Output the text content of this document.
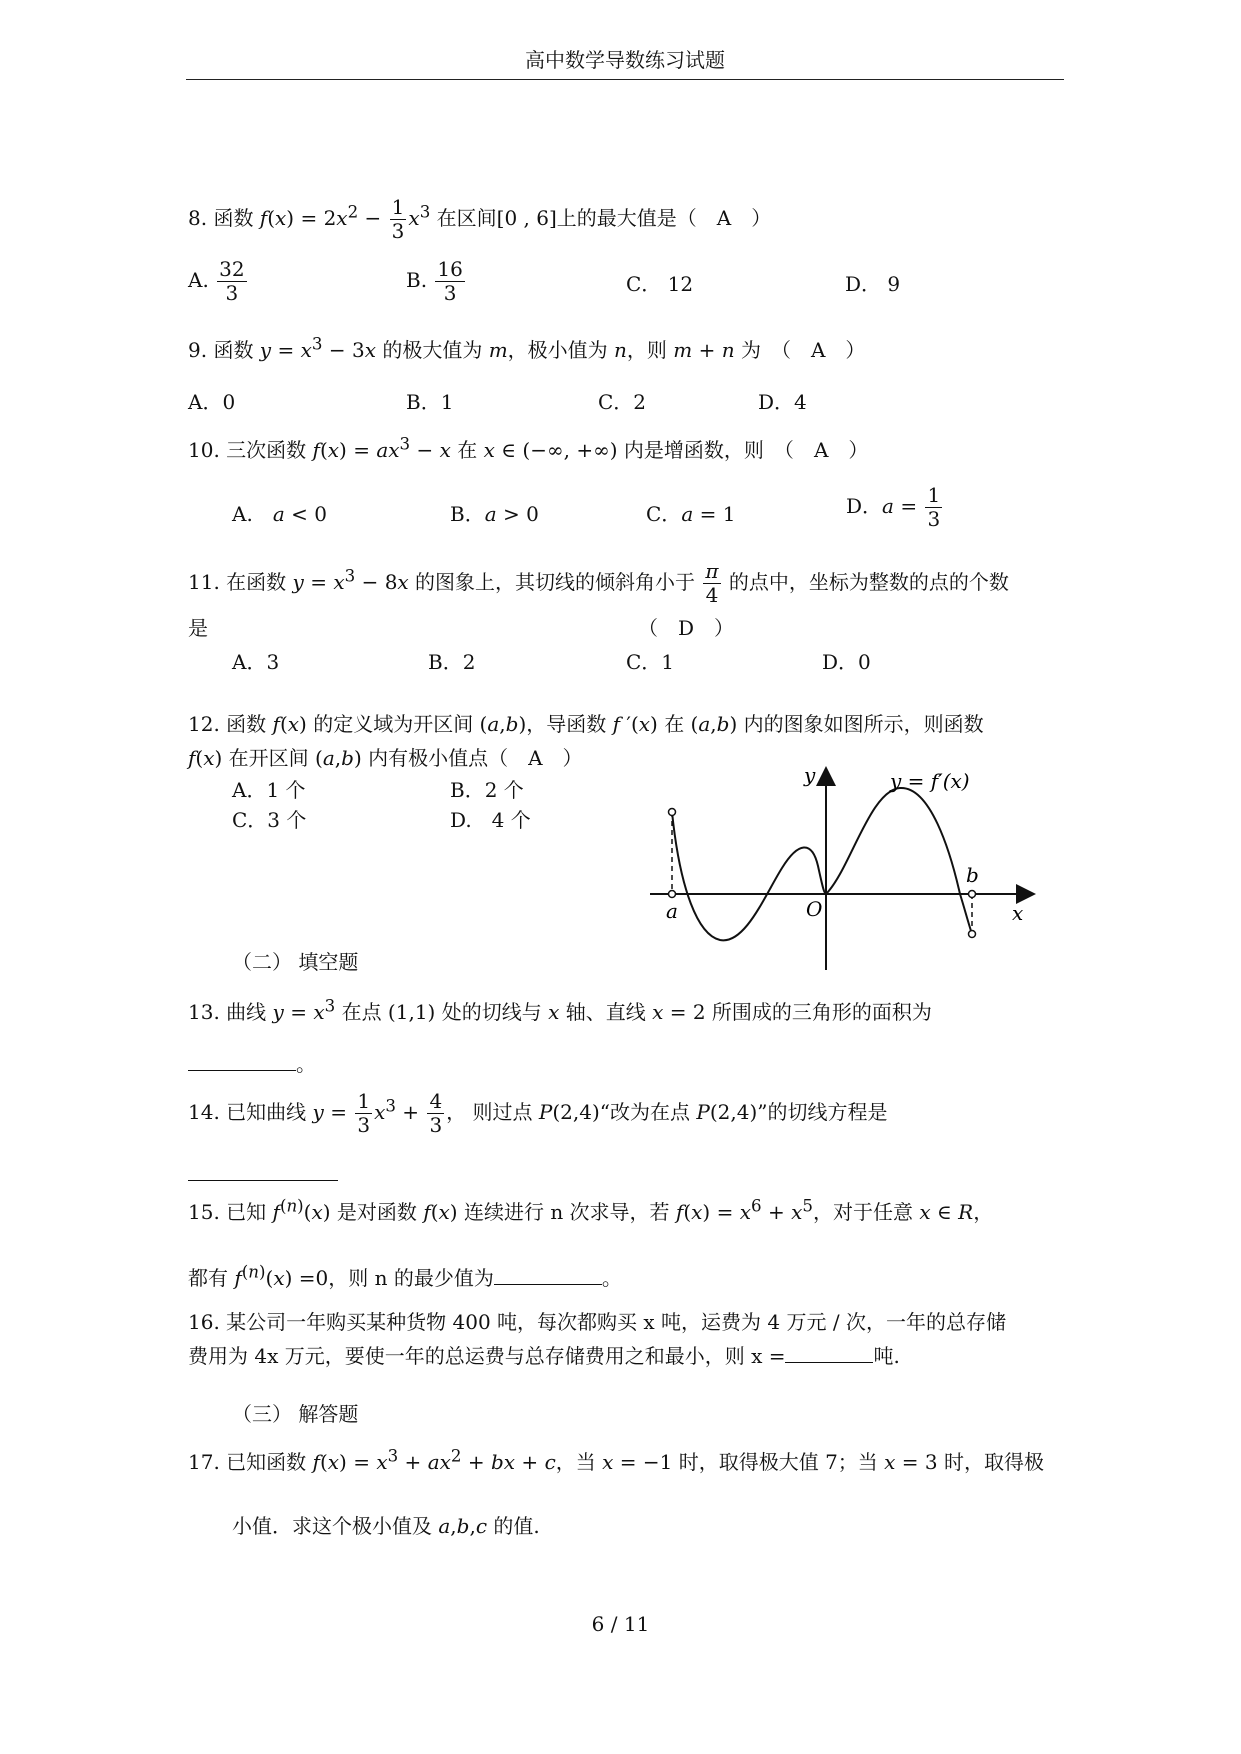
高中数学导数练习试题
8. 函数 $f(x) = 2x^2 - \frac{1}{3} x^3$ 在区间[0 , 6]上的最大值是（　A　）
A. $\frac{32}{3}$	B. $\frac{16}{3}$	C． 12	D． 9
9. 函数 $y = x^3 - 3x$ 的极大值为 m，极小值为 n，则 m + n 为　（　A　）
A．0	B．1	C．2	D．4
10. 三次函数 $f(x) = ax^3 - x$ 在 x ∈ (−∞, +∞) 内是增函数，则　（　A　）
A.　a < 0	B．a > 0	C．a = 1	D．$a = \frac{1}{3}$
11. 在函数 $y = x^3 - 8x$ 的图象上，其切线的倾斜角小于 $\frac{\pi}{4}$ 的点中，坐标为整数的点的个数
是	（　D　）
A．3	B．2	C．1	D．0
12. 函数 f(x) 的定义域为开区间 (a,b)，导函数 f ′(x) 在 (a,b) 内的图象如图所示，则函数
f(x) 在开区间 (a,b) 内有极小值点（　A　）
A．1 个	B．2 个
C．3 个	D.　4 个
y
x
O
a
b
y = f′(x)
（二） 填空题
13. 曲线 $y = x^3$ 在点 (1,1) 处的切线与 x 轴、直线 x = 2 所围成的三角形的面积为
。
14. 已知曲线 $y = \frac{1}{3} x^3 + \frac{4}{3}$ ， 则过点 P(2,4)“改为在点 P(2,4)”的切线方程是
15. 已知 $f^{(n)}(x)$ 是对函数 f(x) 连续进行 n 次求导，若 $f(x) = x^6 + x^5$，对于任意 x ∈ R，
都有 $f^{(n)}(x) =0$，则 n 的最少值为	。
16. 某公司一年购买某种货物 400 吨，每次都购买 x 吨，运费为 4 万元 / 次，一年的总存储
费用为 4x 万元，要使一年的总运费与总存储费用之和最小，则 x =	吨.
（三） 解答题
17. 已知函数 $f(x) = x^3 + ax^2$ + bx + c，当 x = −1 时，取得极大值 7；当 x = 3 时，取得极
小值．求这个极小值及 a,b,c 的值.
6 / 11
